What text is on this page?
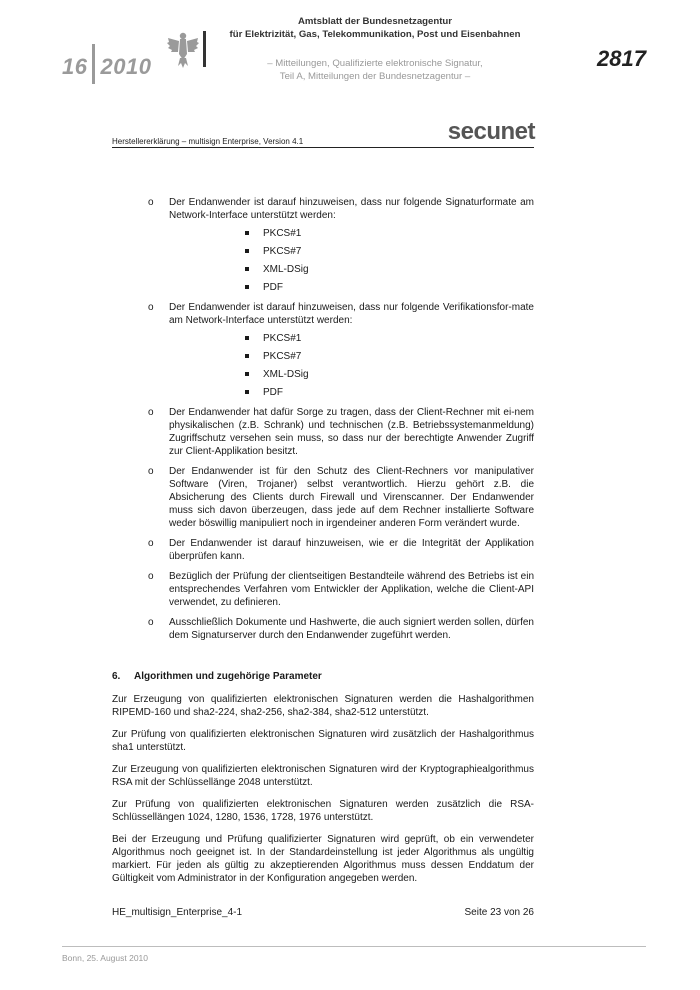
16 2010
Amtsblatt der Bundesnetzagentur
für Elektrizität, Gas, Telekommunikation, Post und Eisenbahnen
– Mitteilungen, Qualifizierte elektronische Signatur,
Teil A, Mitteilungen der Bundesnetzagentur –
2817
Herstellererklärung – multisign Enterprise, Version 4.1	secunet
o Der Endanwender ist darauf hinzuweisen, dass nur folgende Signaturformate am Network-Interface unterstützt werden:
PKCS#1
PKCS#7
XML-DSig
PDF
o Der Endanwender ist darauf hinzuweisen, dass nur folgende Verifikationsfor-mate am Network-Interface unterstützt werden:
PKCS#1
PKCS#7
XML-DSig
PDF
o Der Endanwender hat dafür Sorge zu tragen, dass der Client-Rechner mit ei-nem physikalischen (z.B. Schrank) und technischen (z.B. Betriebssystemanmeldung) Zugriffschutz versehen sein muss, so dass nur der berechtigte Anwender Zugriff zur Client-Applikation besitzt.
o Der Endanwender ist für den Schutz des Client-Rechners vor manipulativer Software (Viren, Trojaner) selbst verantwortlich. Hierzu gehört z.B. die Absicherung des Clients durch Firewall und Virenscanner. Der Endanwender muss sich davon überzeugen, dass jede auf dem Rechner installierte Software weder böswillig manipuliert noch in irgendeiner anderen Form verändert wurde.
o Der Endanwender ist darauf hinzuweisen, wie er die Integrität der Applikation überprüfen kann.
o Bezüglich der Prüfung der clientseitigen Bestandteile während des Betriebs ist ein entsprechendes Verfahren vom Entwickler der Applikation, welche die Client-API verwendet, zu definieren.
o Ausschließlich Dokumente und Hashwerte, die auch signiert werden sollen, dürfen dem Signaturserver durch den Endanwender zugeführt werden.
6. Algorithmen und zugehörige Parameter
Zur Erzeugung von qualifizierten elektronischen Signaturen werden die Hashalgorithmen RIPEMD-160 und sha2-224, sha2-256, sha2-384, sha2-512 unterstützt.
Zur Prüfung von qualifizierten elektronischen Signaturen wird zusätzlich der Hashalgorithmus sha1 unterstützt.
Zur Erzeugung von qualifizierten elektronischen Signaturen wird der Kryptographiealgorithmus RSA mit der Schlüssellänge 2048 unterstützt.
Zur Prüfung von qualifizierten elektronischen Signaturen werden zusätzlich die RSA-Schlüssellängen 1024, 1280, 1536, 1728, 1976 unterstützt.
Bei der Erzeugung und Prüfung qualifizierter Signaturen wird geprüft, ob ein verwendeter Algorithmus noch geeignet ist. In der Standardeinstellung ist jeder Algorithmus als ungültig markiert. Für jeden als gültig zu akzeptierenden Algorithmus muss dessen Enddatum der Gültigkeit vom Administrator in der Konfiguration angegeben werden.
HE_multisign_Enterprise_4-1	Seite 23 von 26
Bonn, 25. August 2010
